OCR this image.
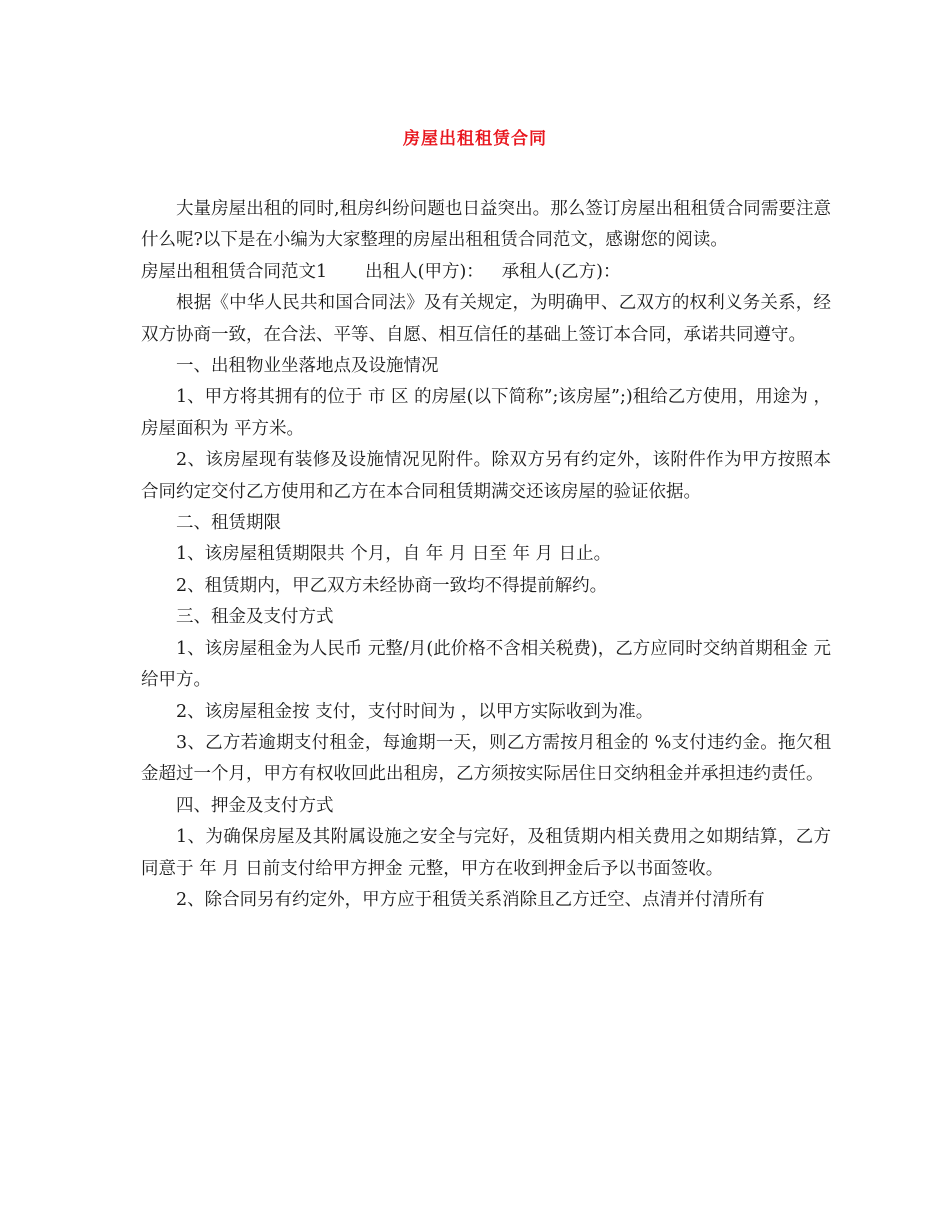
房屋出租租赁合同

大量房屋出租的同时,租房纠纷问题也日益突出。那么签订房屋出租租赁合同需要注意什么呢?以下是在小编为大家整理的房屋出租租赁合同范文，感谢您的阅读。

房屋出租租赁合同范文1 出租人(甲方)： 承租人(乙方)：

根据《中华人民共和国合同法》及有关规定，为明确甲、乙双方的权利义务关系，经双方协商一致，在合法、平等、自愿、相互信任的基础上签订本合同，承诺共同遵守。

一、出租物业坐落地点及设施情况

1、甲方将其拥有的位于 市 区 的房屋(以下简称”;该房屋”;)租给乙方使用，用途为 ，房屋面积为 平方米。

2、该房屋现有装修及设施情况见附件。除双方另有约定外，该附件作为甲方按照本合同约定交付乙方使用和乙方在本合同租赁期满交还该房屋的验证依据。

二、租赁期限

1、该房屋租赁期限共 个月，自 年 月 日至 年 月 日止。

2、租赁期内，甲乙双方未经协商一致均不得提前解约。

三、租金及支付方式

1、该房屋租金为人民币 元整/月(此价格不含相关税费)，乙方应同时交纳首期租金 元给甲方。

2、该房屋租金按 支付，支付时间为 ，以甲方实际收到为准。

3、乙方若逾期支付租金，每逾期一天，则乙方需按月租金的 %支付违约金。拖欠租金超过一个月，甲方有权收回此出租房，乙方须按实际居住日交纳租金并承担违约责任。

四、押金及支付方式

1、为确保房屋及其附属设施之安全与完好，及租赁期内相关费用之如期结算，乙方同意于 年 月 日前支付给甲方押金 元整，甲方在收到押金后予以书面签收。

2、除合同另有约定外，甲方应于租赁关系消除且乙方迁空、点清并付清所有
